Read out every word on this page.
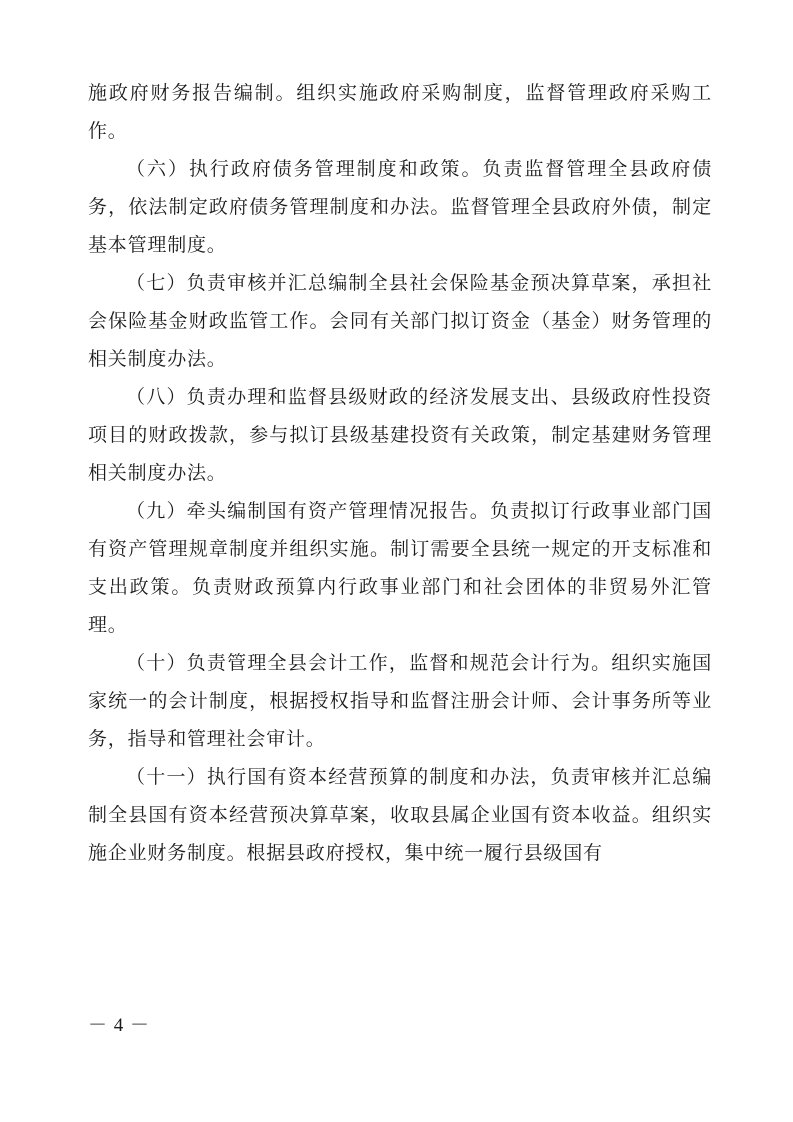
施政府财务报告编制。组织实施政府采购制度，监督管理政府采购工作。

（六）执行政府债务管理制度和政策。负责监督管理全县政府债务，依法制定政府债务管理制度和办法。监督管理全县政府外债，制定基本管理制度。

（七）负责审核并汇总编制全县社会保险基金预决算草案，承担社会保险基金财政监管工作。会同有关部门拟订资金（基金）财务管理的相关制度办法。

（八）负责办理和监督县级财政的经济发展支出、县级政府性投资项目的财政拨款，参与拟订县级基建投资有关政策，制定基建财务管理相关制度办法。

（九）牵头编制国有资产管理情况报告。负责拟订行政事业部门国有资产管理规章制度并组织实施。制订需要全县统一规定的开支标准和支出政策。负责财政预算内行政事业部门和社会团体的非贸易外汇管理。

（十）负责管理全县会计工作，监督和规范会计行为。组织实施国家统一的会计制度，根据授权指导和监督注册会计师、会计事务所等业务，指导和管理社会审计。

（十一）执行国有资本经营预算的制度和办法，负责审核并汇总编制全县国有资本经营预决算草案，收取县属企业国有资本收益。组织实施企业财务制度。根据县政府授权，集中统一履行县级国有

－ 4 －
